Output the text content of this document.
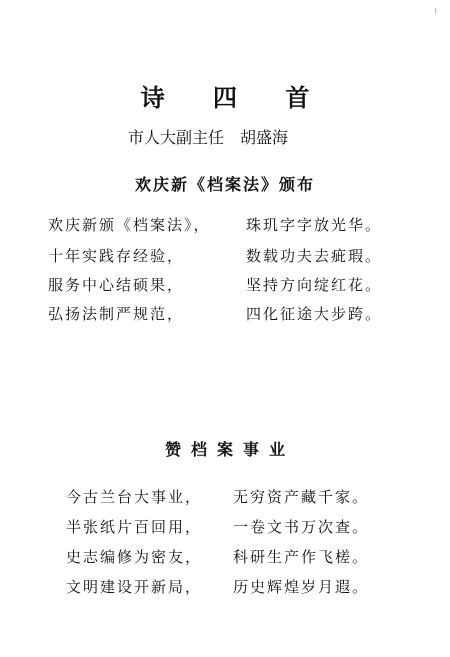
诗 四 首
市人大副主任 胡盛海
欢庆新《档案法》颁布
欢庆新颁《档案法》， 珠玑字字放光华。
十年实践存经验，	数载功夫去疵瑕。
服务中心结硕果，	坚持方向绽红花。
弘扬法制严规范，	四化征途大步跨。
赞档案事业
今古兰台大事业， 无穷资产藏千家。
半张纸片百回用， 一卷文书万次查。
史志编修为密友， 科研生产作飞槎。
文明建设开新局， 历史辉煌岁月遐。
